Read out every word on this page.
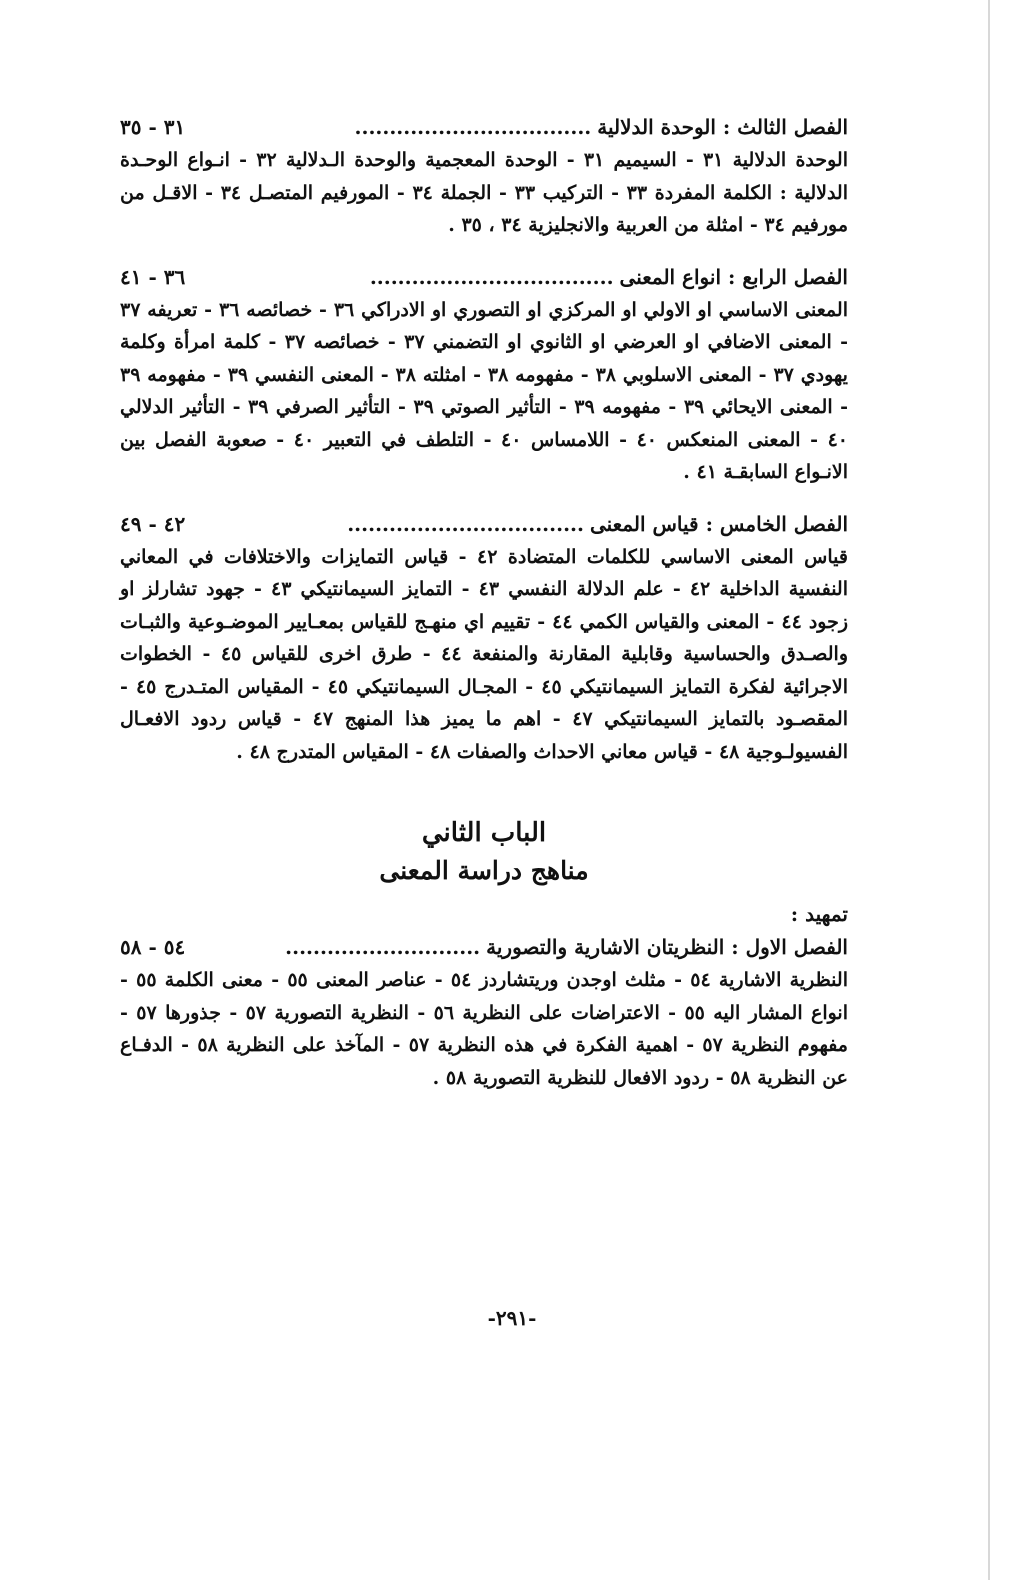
الفصل الثالث : الوحدة الدلالية..................................
٣١ - ٣٥
الوحدة الدلالية ٣١ - السيميم ٣١ - الوحدة المعجمية والوحدة الـدلالية ٣٢ - انـواع الوحـدة الدلالية : الكلمة المفردة ٣٣ - التركيب ٣٣ - الجملة ٣٤ - المورفيم المتصـل ٣٤ - الاقـل من مورفيم ٣٤ - امثلة من العربية والانجليزية ٣٤ ، ٣٥ .
الفصل الرابع : انواع المعنى...................................
٣٦ - ٤١
المعنى الاساسي او الاولي او المركزي او التصوري او الادراكي ٣٦ - خصائصه ٣٦ - تعريفه ٣٧ - المعنى الاضافي او العرضي او الثانوي او التضمني ٣٧ - خصائصه ٣٧ - كلمة امرأة وكلمة يهودي ٣٧ - المعنى الاسلوبي ٣٨ - مفهومه ٣٨ - امثلته ٣٨ - المعنى النفسي ٣٩ - مفهومه ٣٩ - المعنى الايحائي ٣٩ - مفهومه ٣٩ - التأثير الصوتي ٣٩ - التأثير الصرفي ٣٩ - التأثير الدلالي ٤٠ - المعنى المنعكس ٤٠ - اللامساس ٤٠ - التلطف في التعبير ٤٠ - صعوبة الفصل بين الانـواع السابقـة ٤١ .
الفصل الخامس : قياس المعنى..................................
٤٢ - ٤٩
قياس المعنى الاساسي للكلمات المتضادة ٤٢ - قياس التمايزات والاختلافات في المعاني النفسية الداخلية ٤٢ - علم الدلالة النفسي ٤٣ - التمايز السيمانتيكي ٤٣ - جهود تشارلز او زجود ٤٤ - المعنى والقياس الكمي ٤٤ - تقييم اي منهـج للقياس بمعـايير الموضـوعية والثبـات والصـدق والحساسية وقابلية المقارنة والمنفعة ٤٤ - طرق اخرى للقياس ٤٥ - الخطوات الاجرائية لفكرة التمايز السيمانتيكي ٤٥ - المجـال السيمانتيكي ٤٥ - المقياس المتـدرج ٤٥ - المقصـود بالتمايز السيمانتيكي ٤٧ - اهم ما يميز هذا المنهج ٤٧ - قياس ردود الافعـال الفسيولـوجية ٤٨ - قياس معاني الاحداث والصفات ٤٨ - المقياس المتدرج ٤٨ .
الباب الثاني
مناهج دراسة المعنى
تمهيد :
الفصل الاول : النظريتان الاشارية والتصورية............................
٥٤ - ٥٨
النظرية الاشارية ٥٤ - مثلث اوجدن وريتشاردز ٥٤ - عناصر المعنى ٥٥ - معنى الكلمة ٥٥ - انواع المشار اليه ٥٥ - الاعتراضات على النظرية ٥٦ - النظرية التصورية ٥٧ - جذورها ٥٧ - مفهوم النظرية ٥٧ - اهمية الفكرة في هذه النظرية ٥٧ - المآخذ على النظرية ٥٨ - الدفـاع عن النظرية ٥٨ - ردود الافعال للنظرية التصورية ٥٨ .
-٢٩١-
